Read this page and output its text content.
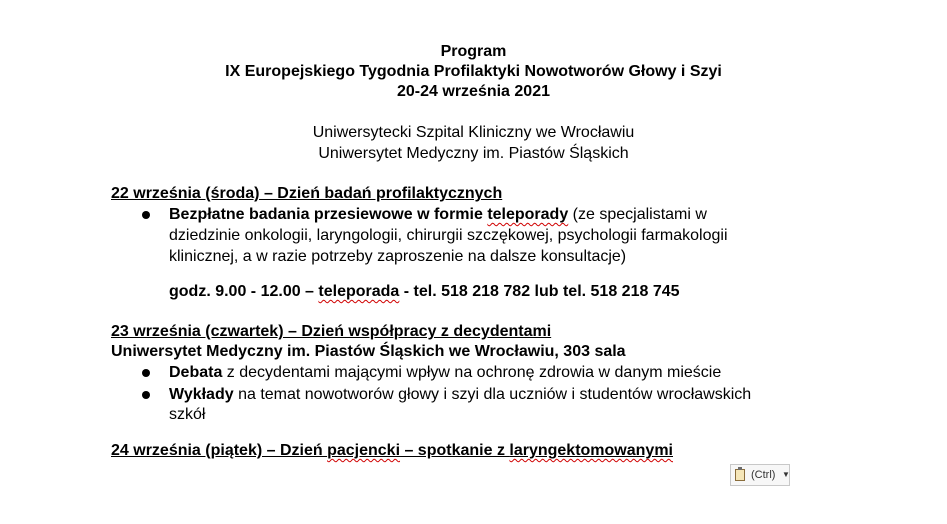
Program
IX Europejskiego Tygodnia Profilaktyki Nowotworów Głowy i Szyi
20-24 września 2021
Uniwersytecki Szpital Kliniczny we Wrocławiu
Uniwersytet Medyczny im. Piastów Śląskich
22 września (środa) – Dzień badań profilaktycznych
Bezpłatne badania przesiewowe w formie teleporady (ze specjalistami w
dziedzinie onkologii, laryngologii, chirurgii szczękowej, psychologii farmakologii
klinicznej, a w razie potrzeby zaproszenie na dalsze konsultacje)
godz. 9.00 - 12.00 – teleporada - tel. 518 218 782 lub tel. 518 218 745
23 września (czwartek) – Dzień współpracy z decydentami
Uniwersytet Medyczny im. Piastów Śląskich we Wrocławiu, 303 sala
Debata z decydentami mającymi wpływ na ochronę zdrowia w danym mieście
Wykłady na temat nowotworów głowy i szyi dla uczniów i studentów wrocławskich
szkół
24 września (piątek) – Dzień pacjencki – spotkanie z laryngektomowanymi
(Ctrl) ▼
